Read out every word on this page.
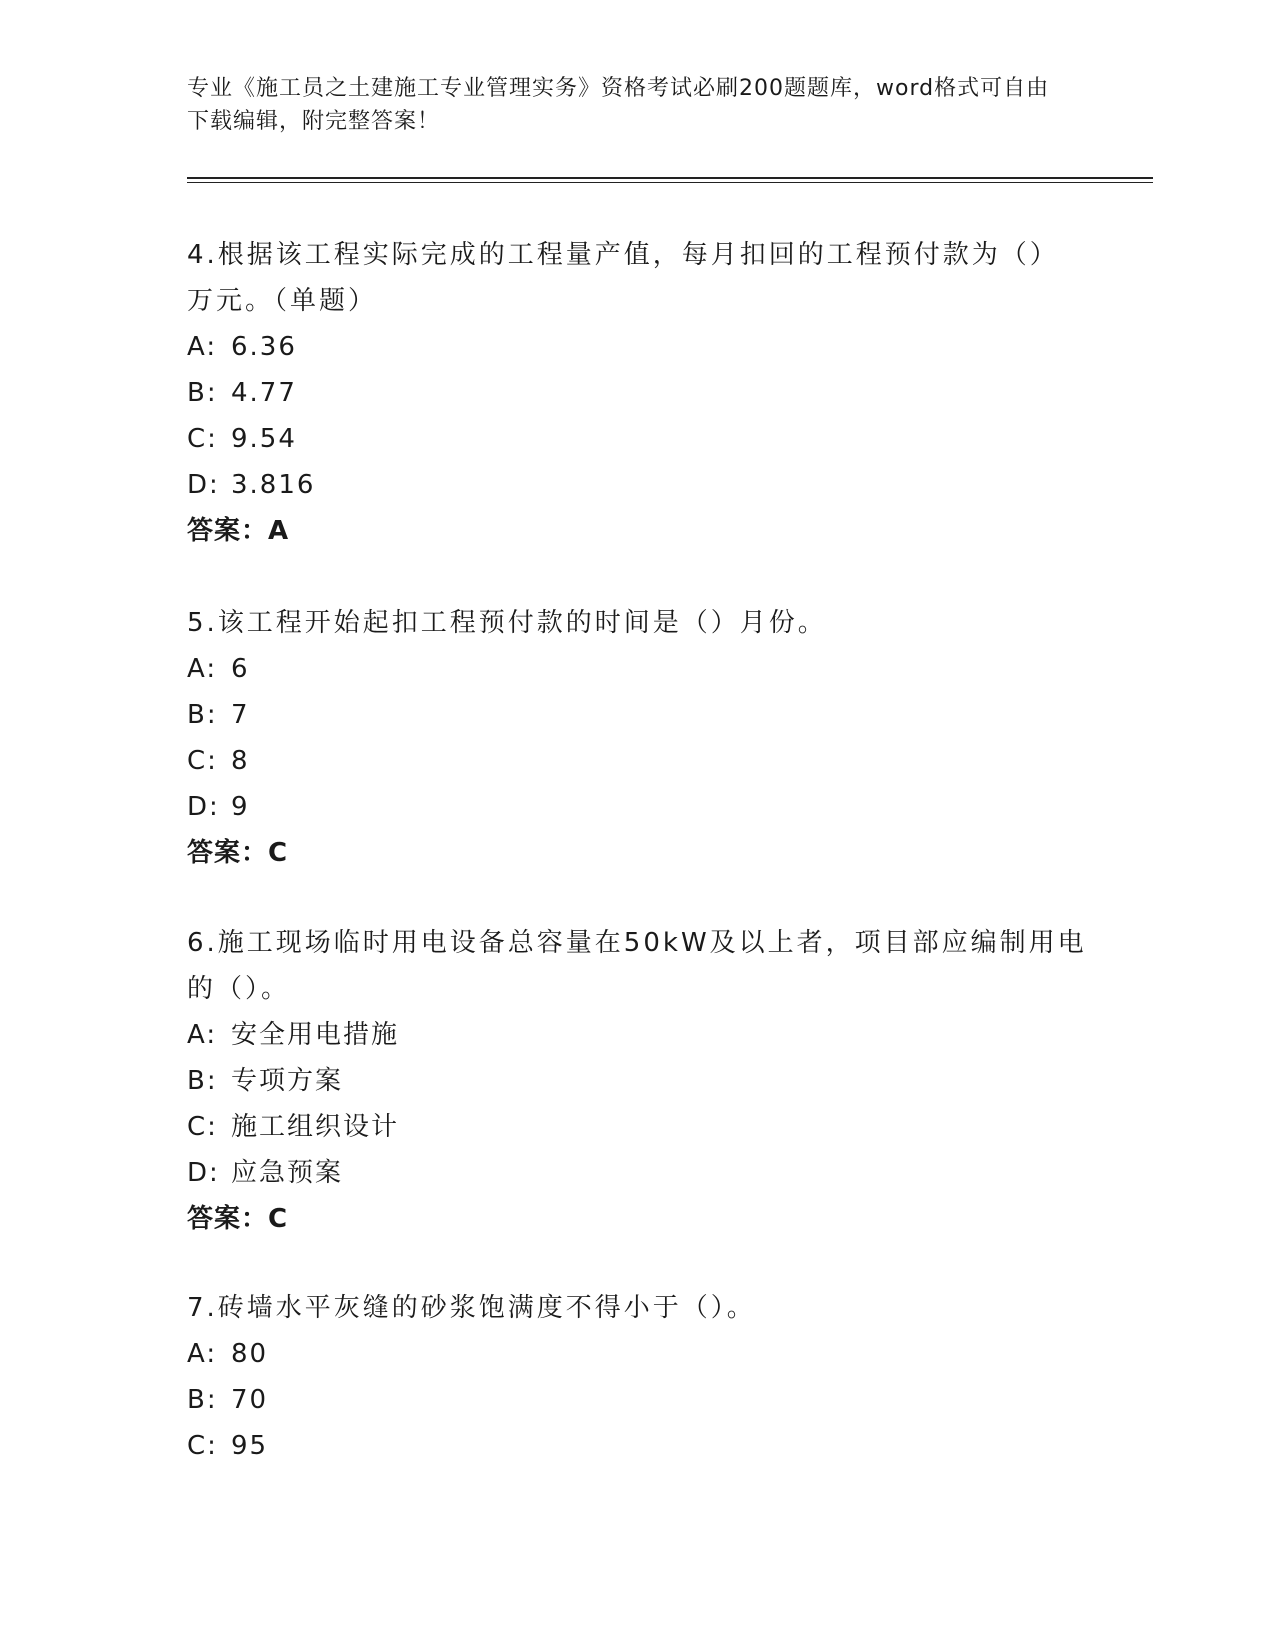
专业《施工员之土建施工专业管理实务》资格考试必刷200题题库，word格式可自由下载编辑，附完整答案！

4.根据该工程实际完成的工程量产值，每月扣回的工程预付款为（）万元。（单题）

A: 6.36

B: 4.77

C: 9.54

D: 3.816

答案：A

5.该工程开始起扣工程预付款的时间是（）月份。

A: 6

B: 7

C: 8

D: 9

答案：C

6.施工现场临时用电设备总容量在50kW及以上者，项目部应编制用电的（）。

A: 安全用电措施

B: 专项方案

C: 施工组织设计

D: 应急预案

答案：C

7.砖墙水平灰缝的砂浆饱满度不得小于（）。

A: 80

B: 70

C: 95
